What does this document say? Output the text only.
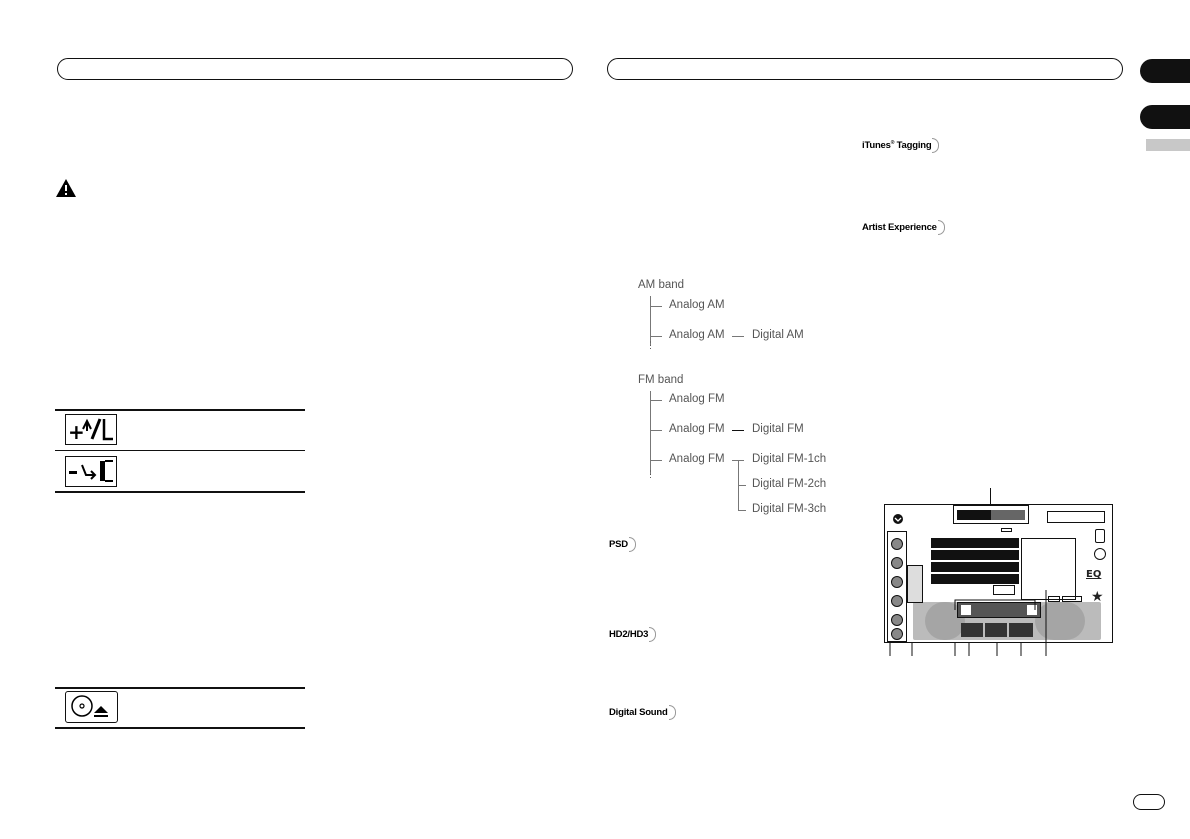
+
AM band
Analog AM
Analog AM Digital AM
⋮
FM band
Analog FM
Analog FM Digital FM
Analog FM Digital FM-1ch
Digital FM-2ch
Digital FM-3ch
⋮
PSD
HD2/HD3
Digital Sound
iTunes® Tagging
Artist Experience
EQ
★
